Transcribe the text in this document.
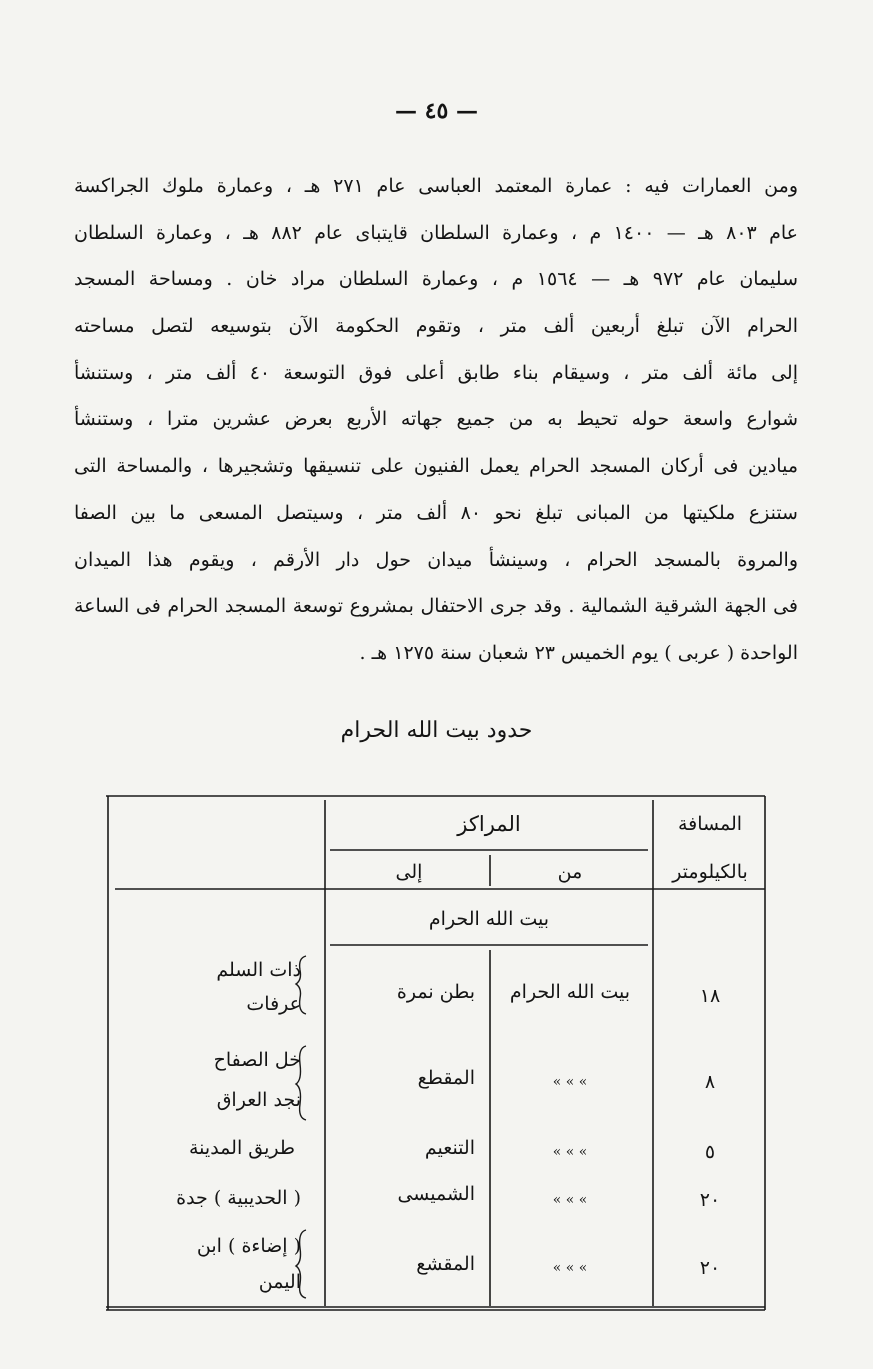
— ٤٥ —
ومن العمارات فيه : عمارة المعتمد العباسى عام ٢٧١ هـ ، وعمارة ملوك الجراكسة
عام ٨٠٣ هـ — ١٤٠٠ م ، وعمارة السلطان قايتباى عام ٨٨٢ هـ ، وعمارة السلطان
سليمان عام ٩٧٢ هـ — ١٥٦٤ م ، وعمارة السلطان مراد خان . ومساحة المسجد
الحرام الآن تبلغ أربعين ألف متر ، وتقوم الحكومة الآن بتوسيعه لتصل مساحته
إلى مائة ألف متر ، وسيقام بناء طابق أعلى فوق التوسعة ٤٠ ألف متر ، وستنشأ
شوارع واسعة حوله تحيط به من جميع جهاته الأربع بعرض عشرين مترا ، وستنشأ
ميادين فى أركان المسجد الحرام يعمل الفنيون على تنسيقها وتشجيرها ، والمساحة التى
ستنزع ملكيتها من المبانى تبلغ نحو ٨٠ ألف متر ، وسيتصل المسعى ما بين الصفا
والمروة بالمسجد الحرام ، وسينشأ ميدان حول دار الأرقم ، ويقوم هذا الميدان
فى الجهة الشرقية الشمالية . وقد جرى الاحتفال بمشروع توسعة المسجد الحرام فى الساعة
الواحدة ( عربى ) يوم الخميس ٢٣ شعبان سنة ١٢٧٥ هـ .
حدود بيت الله الحرام
المسافة
بالكيلومتر
المراكز
من
إلى
بيت الله الحرام
١٨
بيت الله الحرام
بطن نمرة
ذات السلم
عرفات
٨
» » »
المقطع
خل الصفاح
نجد العراق
٥
» » »
التنعيم
طريق المدينة
٢٠
» » »
الشميسى
( الحديبية ) جدة
٢٠
» » »
المقشع
( إضاءة ) ابن
اليمن
